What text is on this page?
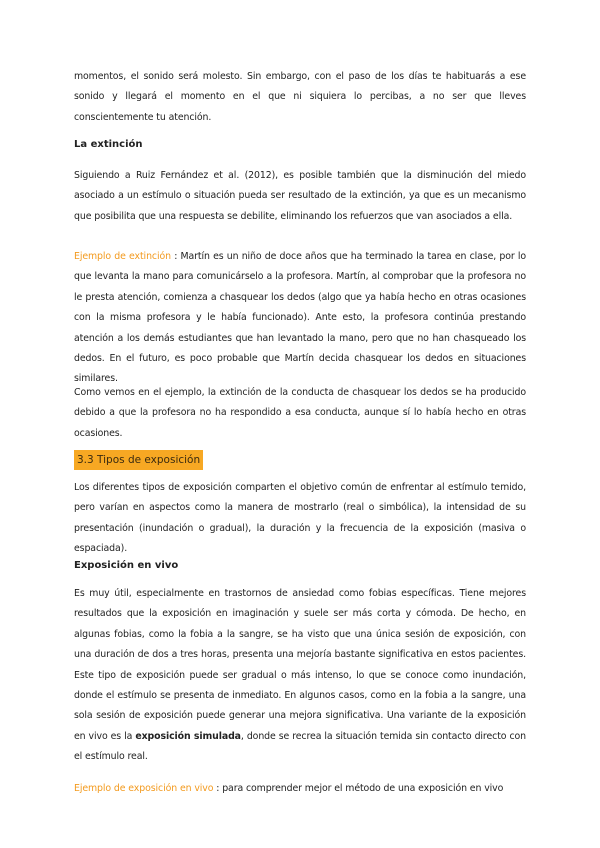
momentos, el sonido será molesto. Sin embargo, con el paso de los días te habituarás a ese sonido y llegará el momento en el que ni siquiera lo percibas, a no ser que lleves conscientemente tu atención.

La extinción

Siguiendo a Ruiz Fernández et al. (2012), es posible también que la disminución del miedo asociado a un estímulo o situación pueda ser resultado de la extinción, ya que es un mecanismo que posibilita que una respuesta se debilite, eliminando los refuerzos que van asociados a ella.

Ejemplo de extinción : Martín es un niño de doce años que ha terminado la tarea en clase, por lo que levanta la mano para comunicárselo a la profesora. Martín, al comprobar que la profesora no le presta atención, comienza a chasquear los dedos (algo que ya había hecho en otras ocasiones con la misma profesora y le había funcionado). Ante esto, la profesora continúa prestando atención a los demás estudiantes que han levantado la mano, pero que no han chasqueado los dedos. En el futuro, es poco probable que Martín decida chasquear los dedos en situaciones similares.

Como vemos en el ejemplo, la extinción de la conducta de chasquear los dedos se ha producido debido a que la profesora no ha respondido a esa conducta, aunque sí lo había hecho en otras ocasiones.

3.3 Tipos de exposición

Los diferentes tipos de exposición comparten el objetivo común de enfrentar al estímulo temido, pero varían en aspectos como la manera de mostrarlo (real o simbólica), la intensidad de su presentación (inundación o gradual), la duración y la frecuencia de la exposición (masiva o espaciada).

Exposición en vivo

Es muy útil, especialmente en trastornos de ansiedad como fobias específicas. Tiene mejores resultados que la exposición en imaginación y suele ser más corta y cómoda. De hecho, en algunas fobias, como la fobia a la sangre, se ha visto que una única sesión de exposición, con una duración de dos a tres horas, presenta una mejoría bastante significativa en estos pacientes. Este tipo de exposición puede ser gradual o más intenso, lo que se conoce como inundación, donde el estímulo se presenta de inmediato. En algunos casos, como en la fobia a la sangre, una sola sesión de exposición puede generar una mejora significativa. Una variante de la exposición en vivo es la exposición simulada, donde se recrea la situación temida sin contacto directo con el estímulo real.

Ejemplo de exposición en vivo : para comprender mejor el método de una exposición en vivo
